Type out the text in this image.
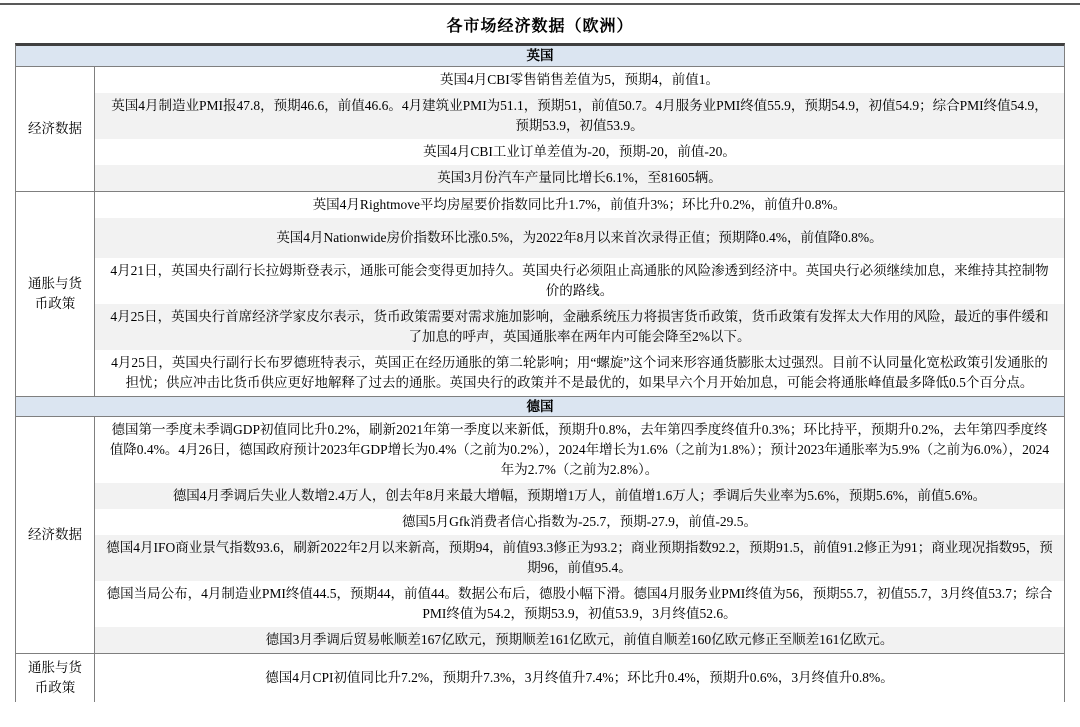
各市场经济数据（欧洲）
英国
经济数据
英国4月CBI零售销售差值为5，预期4，前值1。
英国4月制造业PMI报47.8，预期46.6，前值46.6。4月建筑业PMI为51.1，预期51，前值50.7。4月服务业PMI终值55.9，预期54.9，初值54.9；综合PMI终值54.9，预期53.9，初值53.9。
英国4月CBI工业订单差值为-20，预期-20，前值-20。
英国3月份汽车产量同比增长6.1%，至81605辆。
通胀与货币政策
英国4月Rightmove平均房屋要价指数同比升1.7%，前值升3%；环比升0.2%，前值升0.8%。
英国4月Nationwide房价指数环比涨0.5%，为2022年8月以来首次录得正值；预期降0.4%，前值降0.8%。
4月21日，英国央行副行长拉姆斯登表示，通胀可能会变得更加持久。英国央行必须阻止高通胀的风险渗透到经济中。英国央行必须继续加息，来维持其控制物价的路线。
4月25日，英国央行首席经济学家皮尔表示，货币政策需要对需求施加影响，金融系统压力将损害货币政策，货币政策有发挥太大作用的风险，最近的事件缓和了加息的呼声，英国通胀率在两年内可能会降至2%以下。
4月25日，英国央行副行长布罗德班特表示，英国正在经历通胀的第二轮影响；用“螺旋”这个词来形容通货膨胀太过强烈。目前不认同量化宽松政策引发通胀的担忧；供应冲击比货币供应更好地解释了过去的通胀。英国央行的政策并不是最优的，如果早六个月开始加息，可能会将通胀峰值最多降低0.5个百分点。
德国
经济数据
德国第一季度未季调GDP初值同比升0.2%，刷新2021年第一季度以来新低，预期升0.8%，去年第四季度终值升0.3%；环比持平，预期升0.2%，去年第四季度终值降0.4%。4月26日，德国政府预计2023年GDP增长为0.4%（之前为0.2%），2024年增长为1.6%（之前为1.8%）；预计2023年通胀率为5.9%（之前为6.0%），2024年为2.7%（之前为2.8%）。
德国4月季调后失业人数增2.4万人，创去年8月来最大增幅，预期增1万人，前值增1.6万人；季调后失业率为5.6%，预期5.6%，前值5.6%。
德国5月Gfk消费者信心指数为-25.7，预期-27.9，前值-29.5。
德国4月IFO商业景气指数93.6，刷新2022年2月以来新高，预期94，前值93.3修正为93.2；商业预期指数92.2，预期91.5，前值91.2修正为91；商业现况指数95，预期96，前值95.4。
德国当局公布，4月制造业PMI终值44.5，预期44，前值44。数据公布后，德股小幅下滑。德国4月服务业PMI终值为56，预期55.7，初值55.7，3月终值53.7；综合PMI终值为54.2，预期53.9，初值53.9，3月终值52.6。
德国3月季调后贸易帐顺差167亿欧元，预期顺差161亿欧元，前值自顺差160亿欧元修正至顺差161亿欧元。
通胀与货币政策
德国4月CPI初值同比升7.2%，预期升7.3%，3月终值升7.4%；环比升0.4%，预期升0.6%，3月终值升0.8%。
